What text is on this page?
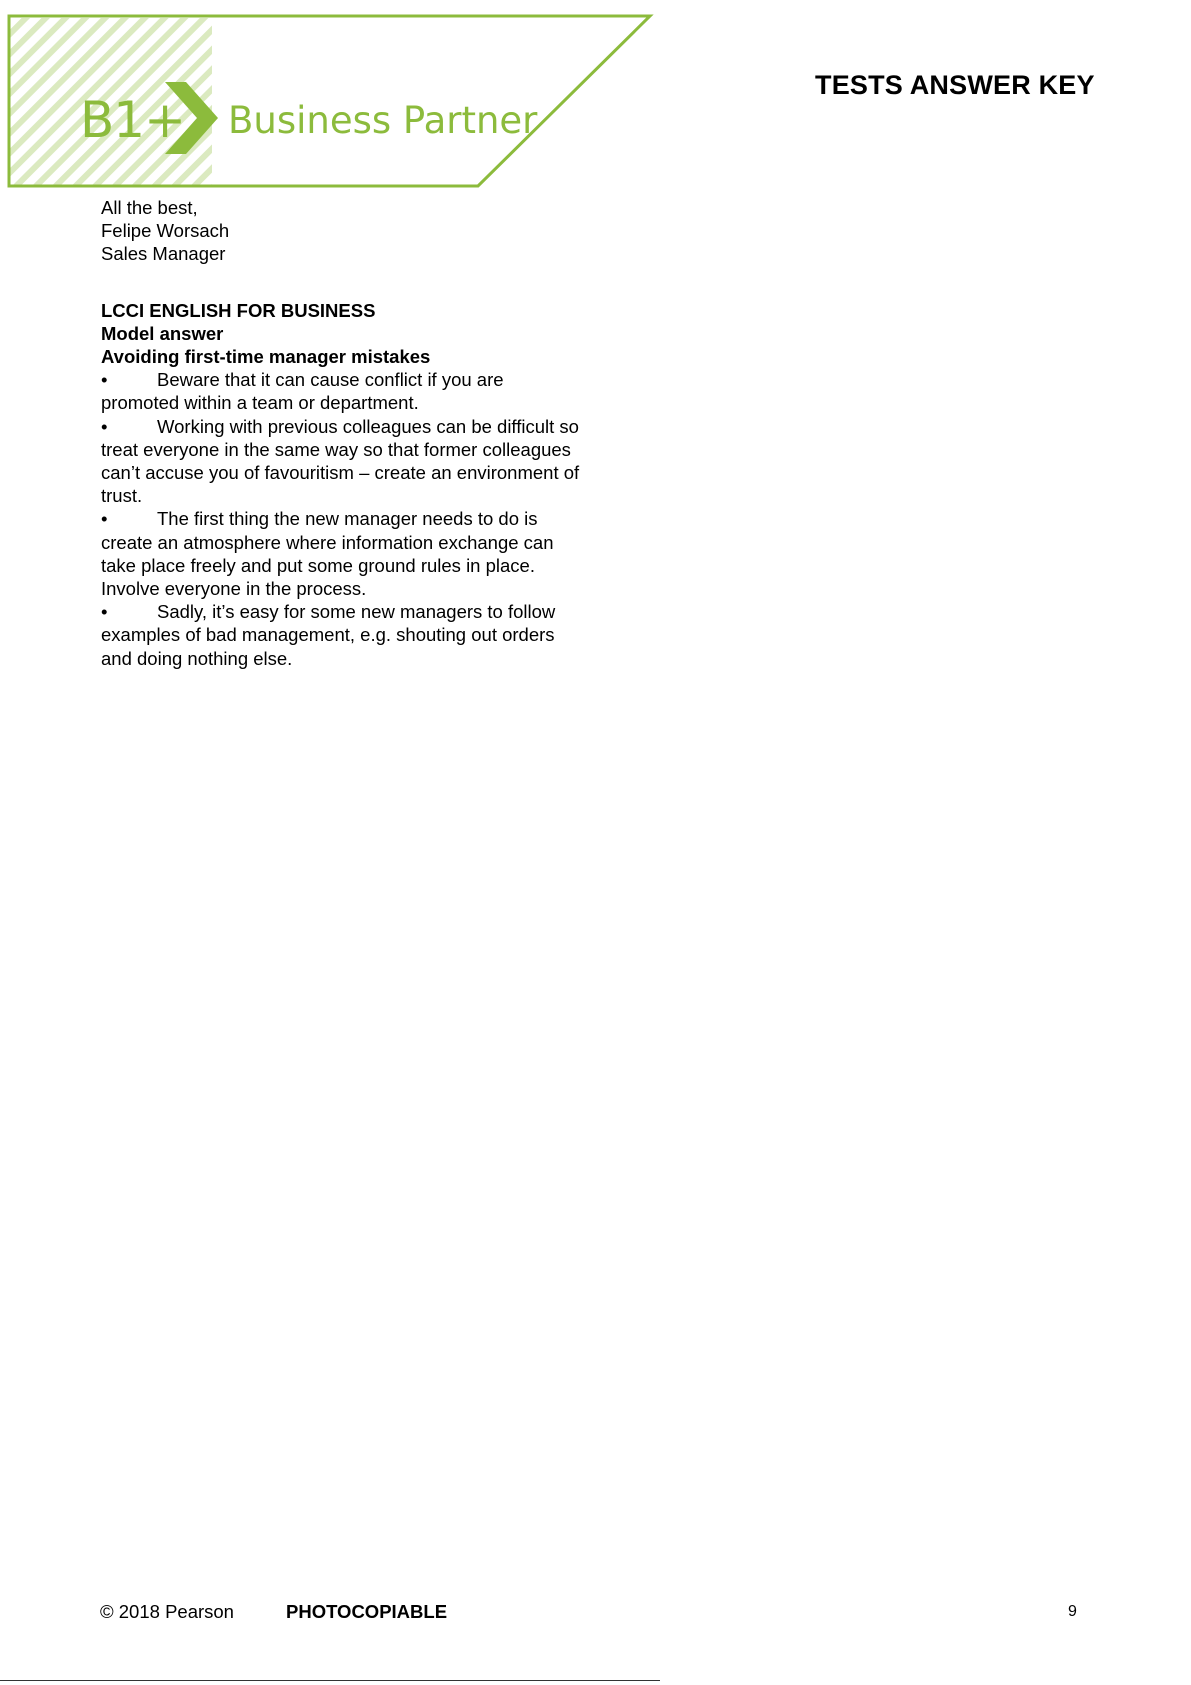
B1+ Business Partner
TESTS ANSWER KEY

All the best,

Felipe Worsach

Sales Manager

LCCI ENGLISH FOR BUSINESS

Model answer

Avoiding first-time manager mistakes

•	Beware that it can cause conflict if you are promoted within a team or department.

•	Working with previous colleagues can be difficult so treat everyone in the same way so that former colleagues can’t accuse you of favouritism – create an environment of trust.

•	The first thing the new manager needs to do is create an atmosphere where information exchange can take place freely and put some ground rules in place. Involve everyone in the process.

•	Sadly, it’s easy for some new managers to follow examples of bad management, e.g. shouting out orders and doing nothing else.

© 2018 Pearson	PHOTOCOPIABLE	9
